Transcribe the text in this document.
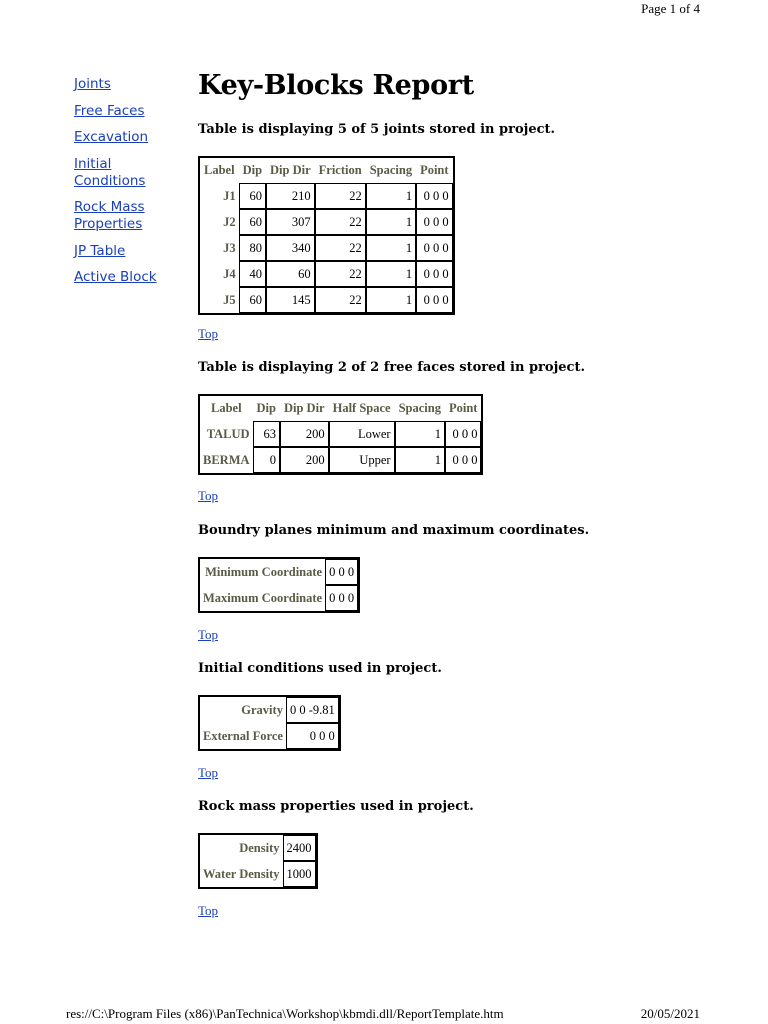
Page 1 of 4
Joints
Free Faces
Excavation
Initial Conditions
Rock Mass Properties
JP Table
Active Block
Key-Blocks Report

Table is displaying 5 of 5 joints stored in project.

Label	Dip	Dip Dir	Friction	Spacing	Point
J1	60	210	22	1	0 0 0
J2	60	307	22	1	0 0 0
J3	80	340	22	1	0 0 0
J4	40	60	22	1	0 0 0
J5	60	145	22	1	0 0 0
Top

Table is displaying 2 of 2 free faces stored in project.

Label	Dip	Dip Dir	Half Space	Spacing	Point
TALUD	63	200	Lower	1	0 0 0
BERMA	0	200	Upper	1	0 0 0
Top

Boundry planes minimum and maximum coordinates.

Minimum Coordinate	0 0 0
Maximum Coordinate	0 0 0
Top

Initial conditions used in project.

Gravity	0 0 -9.81
External Force	0 0 0
Top

Rock mass properties used in project.

Density	2400
Water Density	1000
Top
res://C:\Program Files (x86)\PanTechnica\Workshop\kbmdi.dll/ReportTemplate.htm	20/05/2021
